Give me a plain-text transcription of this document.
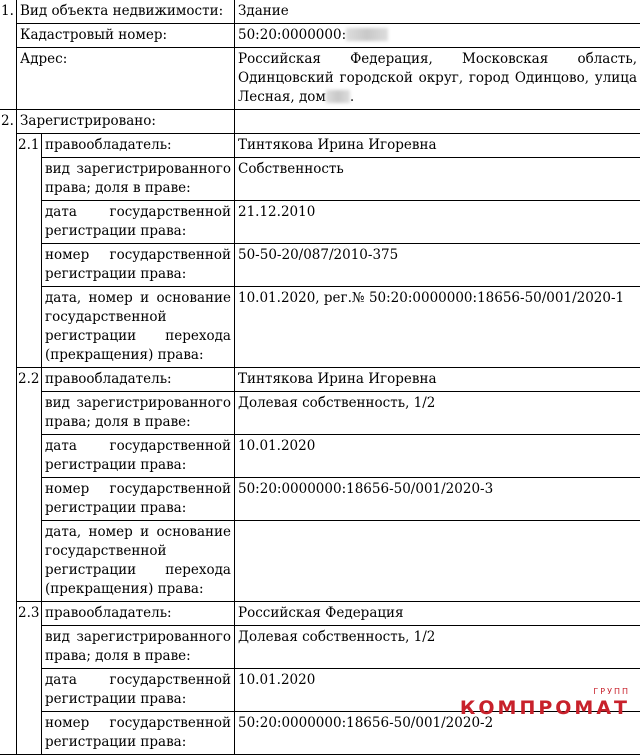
1.	Вид объекта недвижимости:		Здание
	Кадастровый номер:		50:20:0000000:
	Адрес:		Российская Федерация, Московская область, Одинцовский городской округ, город Одинцово, улица Лесная, дом .
2.	Зарегистрировано:		
	2.1	правообладатель:	Тинтякова Ирина Игоревна
		вид зарегистрированного права; доля в праве:	Собственность
		дата государственной регистрации права:	21.12.2010
		номер государственной регистрации права:	50-50-20/087/2010-375
		дата, номер и основание государственной регистрации перехода (прекращения) права:	10.01.2020, рег.№ 50:20:0000000:18656-50/001/2020-1
	2.2	правообладатель:	Тинтякова Ирина Игоревна
		вид зарегистрированного права; доля в праве:	Долевая собственность, 1/2
		дата государственной регистрации права:	10.01.2020
		номер государственной регистрации права:	50:20:0000000:18656-50/001/2020-3
		дата, номер и основание государственной регистрации перехода (прекращения) права:	
	2.3	правообладатель:	Российская Федерация
		вид зарегистрированного права; доля в праве:	Долевая собственность, 1/2
		дата государственной регистрации права:	10.01.2020
		номер государственной регистрации права:	50:20:0000000:18656-50/001/2020-2
ГРУПП
КОМПРОМАТ
